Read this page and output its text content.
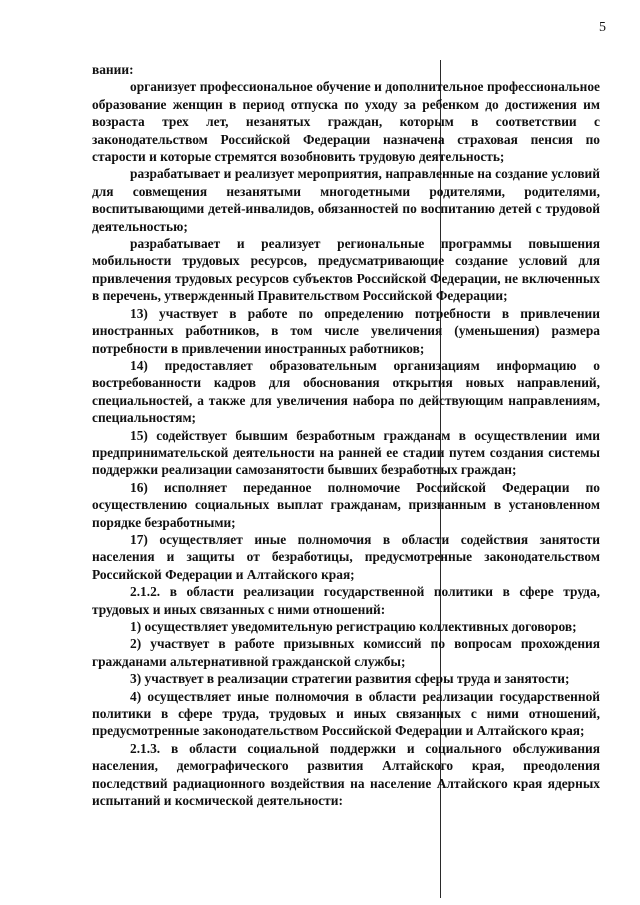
5

вании:

организует профессиональное обучение и дополнительное профессиональное образование женщин в период отпуска по уходу за ребенком до достижения им возраста трех лет, незанятых граждан, которым в соответствии с законодательством Российской Федерации назначена страховая пенсия по старости и которые стремятся возобновить трудовую деятельность;

разрабатывает и реализует мероприятия, направленные на создание условий для совмещения незанятыми многодетными родителями, родителями, воспитывающими детей-инвалидов, обязанностей по воспитанию детей с трудовой деятельностью;

разрабатывает и реализует региональные программы повышения мобильности трудовых ресурсов, предусматривающие создание условий для привлечения трудовых ресурсов субъектов Российской Федерации, не включенных в перечень, утвержденный Правительством Российской Федерации;

13) участвует в работе по определению потребности в привлечении иностранных работников, в том числе увеличения (уменьшения) размера потребности в привлечении иностранных работников;

14) предоставляет образовательным организациям информацию о востребованности кадров для обоснования открытия новых направлений, специальностей, а также для увеличения набора по действующим направлениям, специальностям;

15) содействует бывшим безработным гражданам в осуществлении ими предпринимательской деятельности на ранней ее стадии путем создания системы поддержки реализации самозанятости бывших безработных граждан;

16) исполняет переданное полномочие Российской Федерации по осуществлению социальных выплат гражданам, признанным в установленном порядке безработными;

17) осуществляет иные полномочия в области содействия занятости населения и защиты от безработицы, предусмотренные законодательством Российской Федерации и Алтайского края;

2.1.2. в области реализации государственной политики в сфере труда, трудовых и иных связанных с ними отношений:

1) осуществляет уведомительную регистрацию коллективных договоров;

2) участвует в работе призывных комиссий по вопросам прохождения гражданами альтернативной гражданской службы;

3) участвует в реализации стратегии развития сферы труда и занятости;

4) осуществляет иные полномочия в области реализации государственной политики в сфере труда, трудовых и иных связанных с ними отношений, предусмотренные законодательством Российской Федерации и Алтайского края;

2.1.3. в области социальной поддержки и социального обслуживания населения, демографического развития Алтайского края, преодоления последствий радиационного воздействия на население Алтайского края ядерных испытаний и космической деятельности:
